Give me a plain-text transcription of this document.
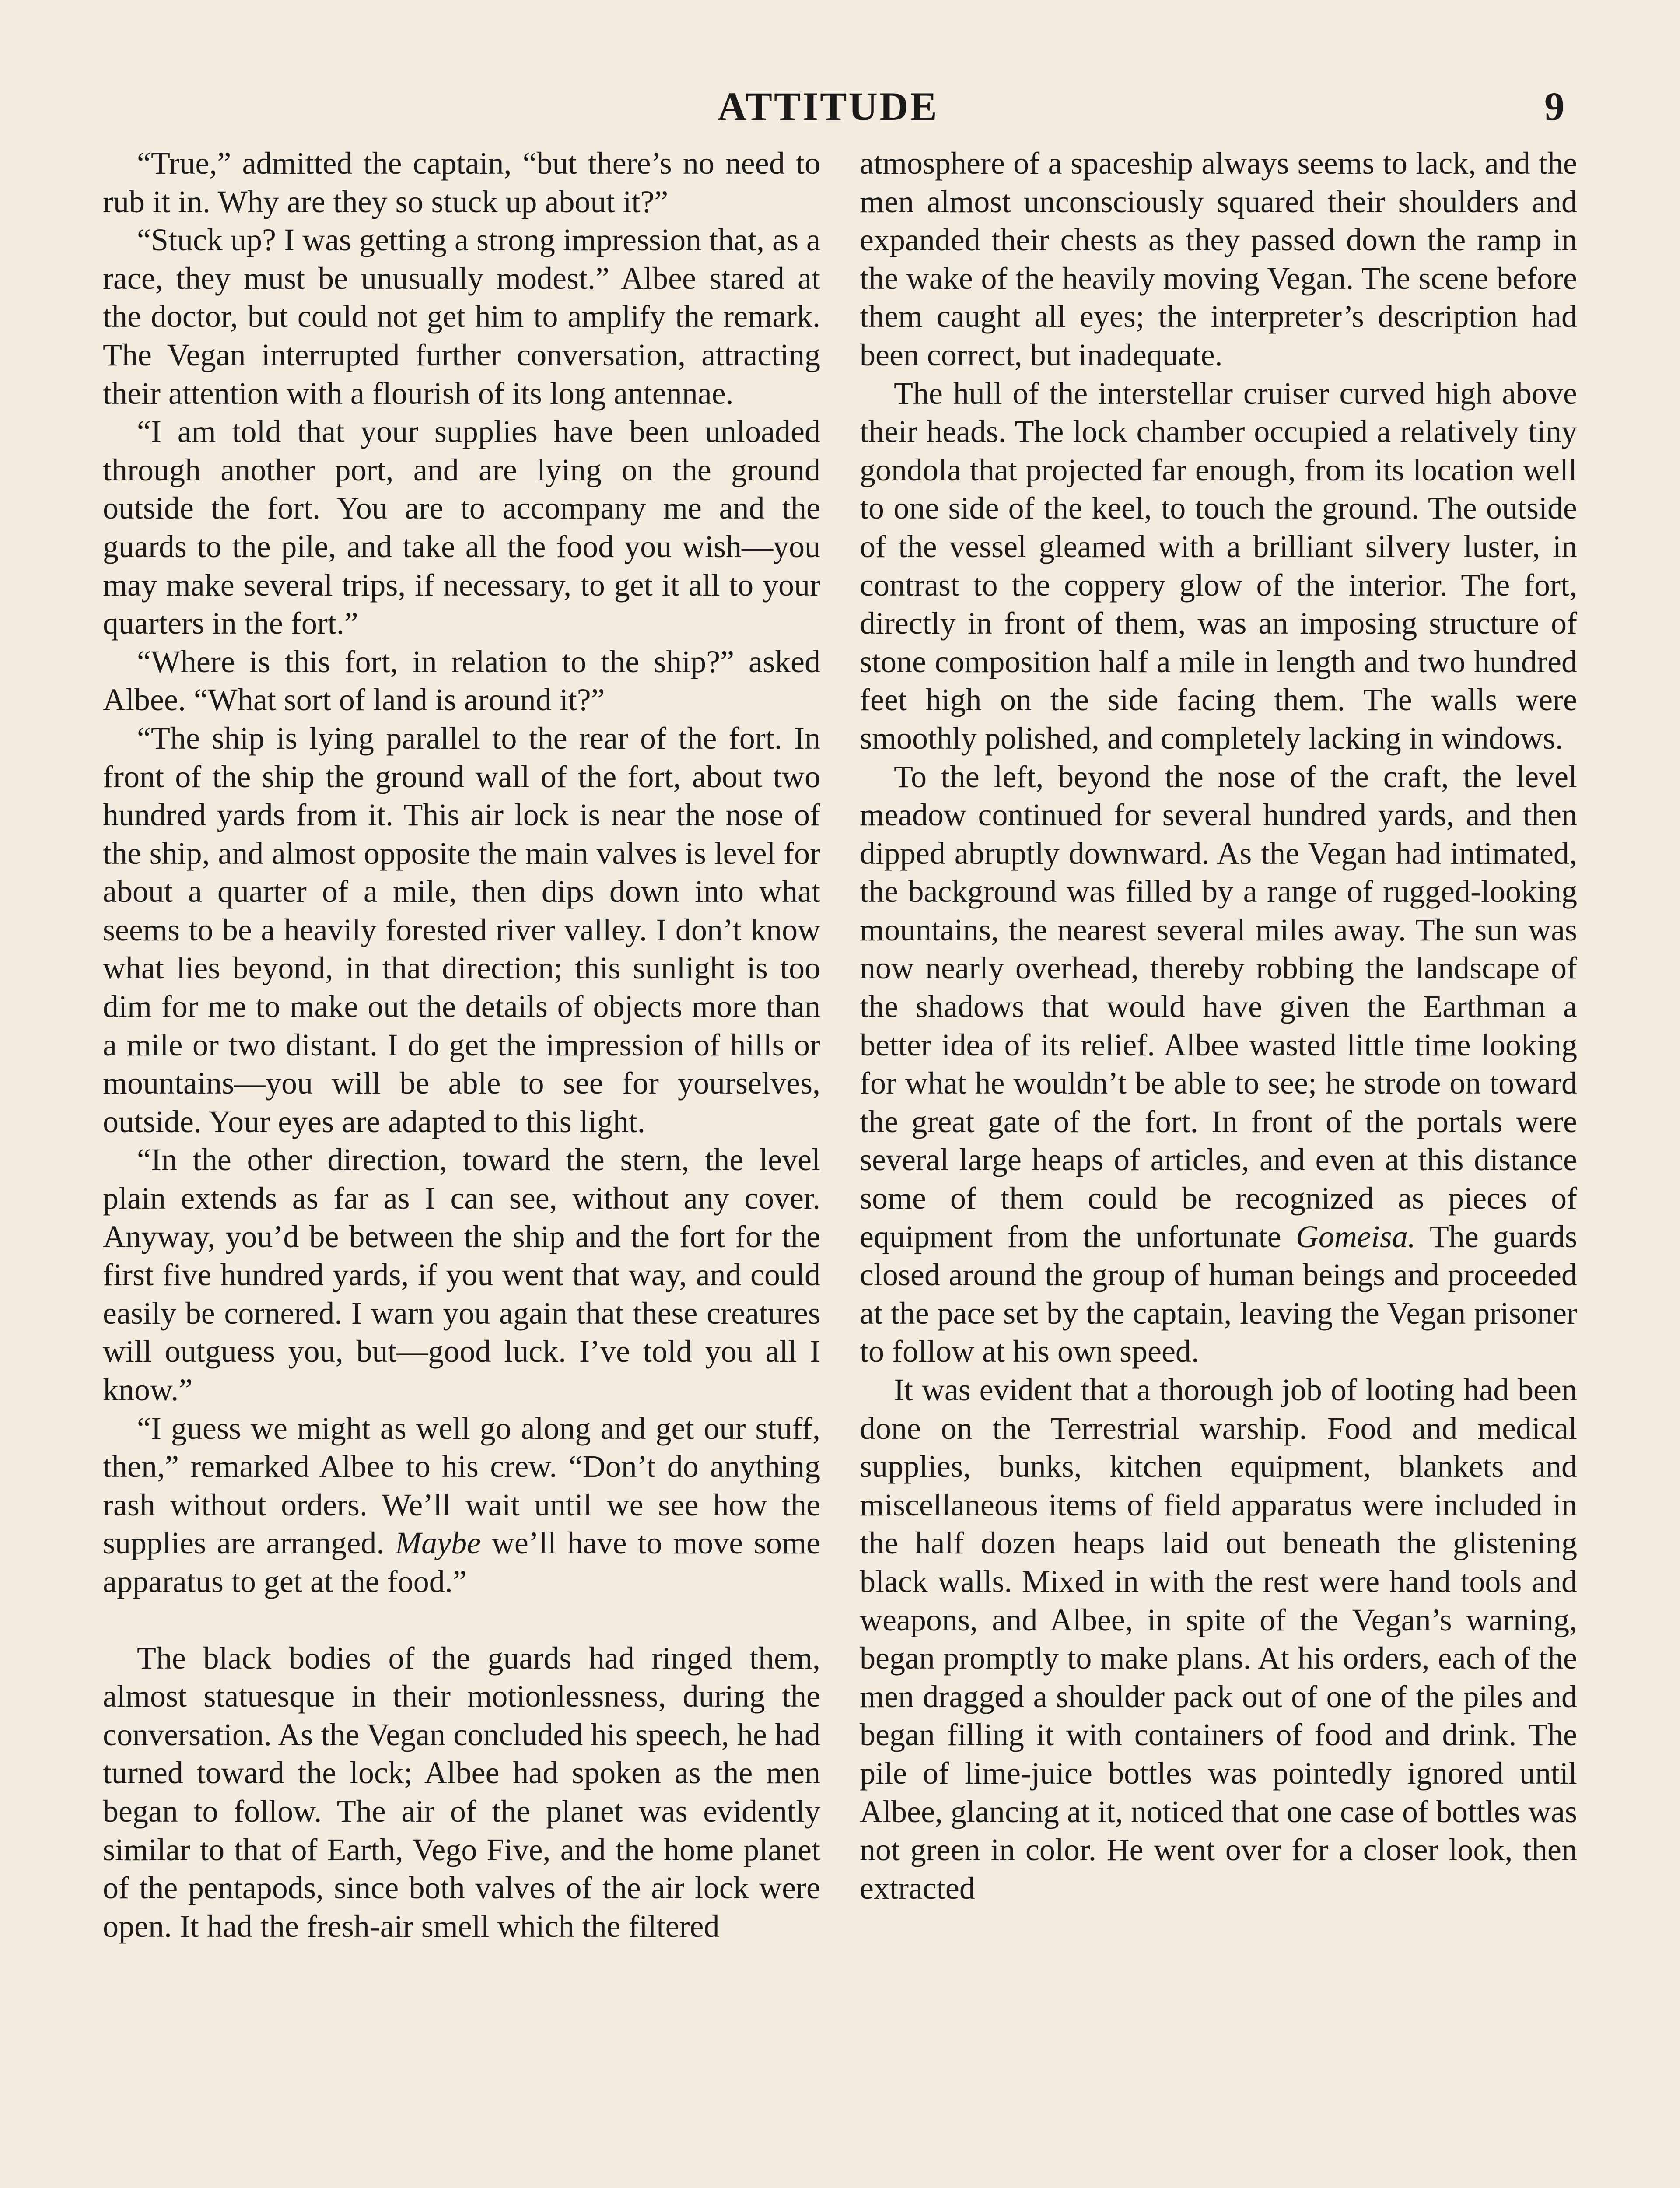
ATTITUDE	9

“True,” admitted the captain, “but there’s no need to rub it in. Why are they so stuck up about it?”

“Stuck up? I was getting a strong impression that, as a race, they must be unusually modest.” Albee stared at the doctor, but could not get him to amplify the remark. The Vegan interrupted further conversation, attracting their attention with a flourish of its long antennae.

“I am told that your supplies have been unloaded through another port, and are lying on the ground outside the fort. You are to accompany me and the guards to the pile, and take all the food you wish—you may make several trips, if necessary, to get it all to your quarters in the fort.”

“Where is this fort, in relation to the ship?” asked Albee. “What sort of land is around it?”

“The ship is lying parallel to the rear of the fort. In front of the ship the ground wall of the fort, about two hundred yards from it. This air lock is near the nose of the ship, and almost opposite the main valves is level for about a quarter of a mile, then dips down into what seems to be a heavily forested river valley. I don’t know what lies beyond, in that direction; this sunlight is too dim for me to make out the details of objects more than a mile or two distant. I do get the impression of hills or mountains—you will be able to see for yourselves, outside. Your eyes are adapted to this light.

“In the other direction, toward the stern, the level plain extends as far as I can see, without any cover. Anyway, you’d be between the ship and the fort for the first five hundred yards, if you went that way, and could easily be cornered. I warn you again that these creatures will outguess you, but—good luck. I’ve told you all I know.”

“I guess we might as well go along and get our stuff, then,” remarked Albee to his crew. “Don’t do anything rash without orders. We’ll wait until we see how the supplies are arranged. Maybe we’ll have to move some apparatus to get at the food.”

The black bodies of the guards had ringed them, almost statuesque in their motionlessness, during the conversation. As the Vegan concluded his speech, he had turned toward the lock; Albee had spoken as the men began to follow. The air of the planet was evidently similar to that of Earth, Vego Five, and the home planet of the pentapods, since both valves of the air lock were open. It had the fresh-air smell which the filtered

atmosphere of a spaceship always seems to lack, and the men almost unconsciously squared their shoulders and expanded their chests as they passed down the ramp in the wake of the heavily moving Vegan. The scene before them caught all eyes; the interpreter’s description had been correct, but inadequate.

The hull of the interstellar cruiser curved high above their heads. The lock chamber occupied a relatively tiny gondola that projected far enough, from its location well to one side of the keel, to touch the ground. The outside of the vessel gleamed with a brilliant silvery luster, in contrast to the coppery glow of the interior. The fort, directly in front of them, was an imposing structure of stone composition half a mile in length and two hundred feet high on the side facing them. The walls were smoothly polished, and completely lacking in windows.

To the left, beyond the nose of the craft, the level meadow continued for several hundred yards, and then dipped abruptly downward. As the Vegan had intimated, the background was filled by a range of rugged-looking mountains, the nearest several miles away. The sun was now nearly overhead, thereby robbing the landscape of the shadows that would have given the Earthman a better idea of its relief. Albee wasted little time looking for what he wouldn’t be able to see; he strode on toward the great gate of the fort. In front of the portals were several large heaps of articles, and even at this distance some of them could be recognized as pieces of equipment from the unfortunate Gomeisa. The guards closed around the group of human beings and proceeded at the pace set by the captain, leaving the Vegan prisoner to follow at his own speed.

It was evident that a thorough job of looting had been done on the Terrestrial warship. Food and medical supplies, bunks, kitchen equipment, blankets and miscellaneous items of field apparatus were included in the half dozen heaps laid out beneath the glistening black walls. Mixed in with the rest were hand tools and weapons, and Albee, in spite of the Vegan’s warning, began promptly to make plans. At his orders, each of the men dragged a shoulder pack out of one of the piles and began filling it with containers of food and drink. The pile of lime-juice bottles was pointedly ignored until Albee, glancing at it, noticed that one case of bottles was not green in color. He went over for a closer look, then extracted
